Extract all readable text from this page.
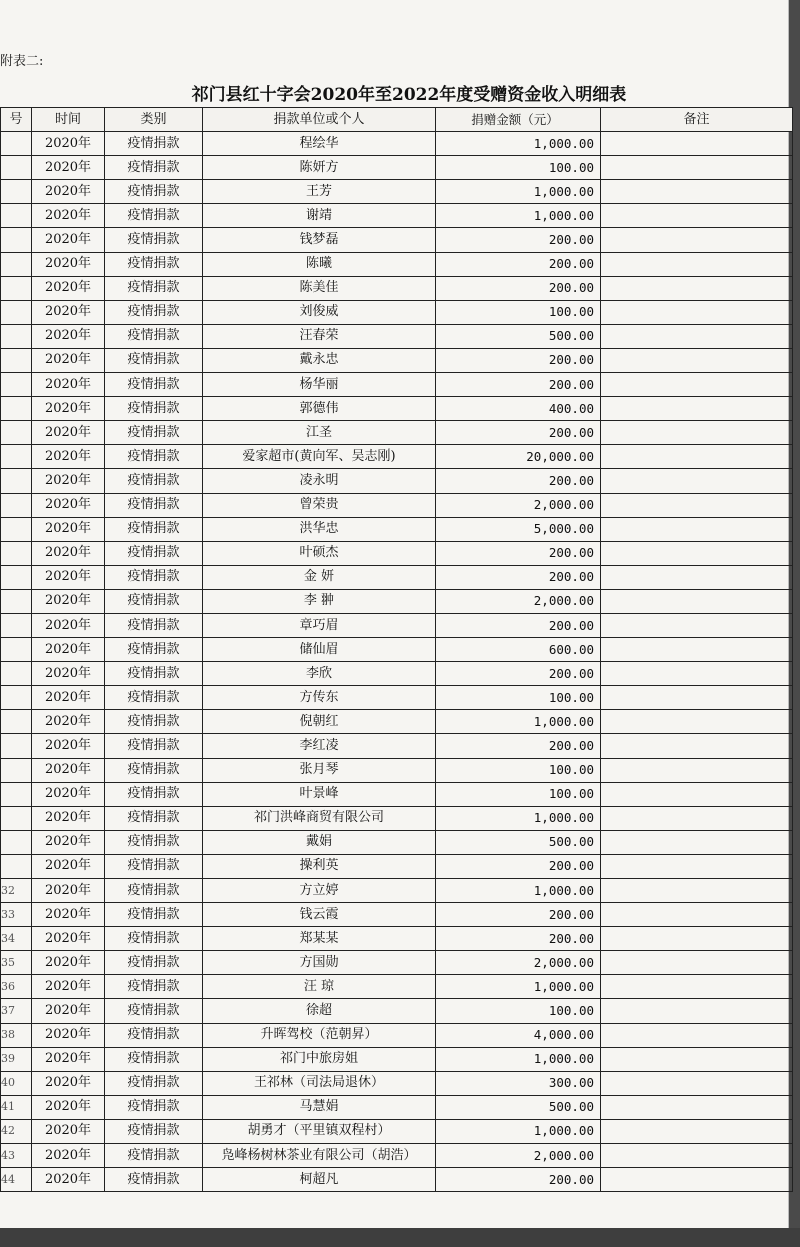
附表二:
祁门县红十字会2020年至2022年度受赠资金收入明细表
号	时间	类别	捐款单位或个人	捐赠金额（元）	备注
	2020年	疫情捐款	程绘华	1,000.00	
	2020年	疫情捐款	陈妍方	100.00	
	2020年	疫情捐款	王芳	1,000.00	
	2020年	疫情捐款	谢靖	1,000.00	
	2020年	疫情捐款	钱梦磊	200.00	
	2020年	疫情捐款	陈曦	200.00	
	2020年	疫情捐款	陈美佳	200.00	
	2020年	疫情捐款	刘俊威	100.00	
	2020年	疫情捐款	汪春荣	500.00	
	2020年	疫情捐款	戴永忠	200.00	
	2020年	疫情捐款	杨华丽	200.00	
	2020年	疫情捐款	郭德伟	400.00	
	2020年	疫情捐款	江圣	200.00	
	2020年	疫情捐款	爱家超市(黄向军、吴志刚)	20,000.00	
	2020年	疫情捐款	凌永明	200.00	
	2020年	疫情捐款	曾荣贵	2,000.00	
	2020年	疫情捐款	洪华忠	5,000.00	
	2020年	疫情捐款	叶硕杰	200.00	
	2020年	疫情捐款	金 妍	200.00	
	2020年	疫情捐款	李 翀	2,000.00	
	2020年	疫情捐款	章巧眉	200.00	
	2020年	疫情捐款	储仙眉	600.00	
	2020年	疫情捐款	李欣	200.00	
	2020年	疫情捐款	方传东	100.00	
	2020年	疫情捐款	倪朝红	1,000.00	
	2020年	疫情捐款	李红凌	200.00	
	2020年	疫情捐款	张月琴	100.00	
	2020年	疫情捐款	叶景峰	100.00	
	2020年	疫情捐款	祁门洪峰商贸有限公司	1,000.00	
	2020年	疫情捐款	戴娟	500.00	
	2020年	疫情捐款	操利英	200.00	
32	2020年	疫情捐款	方立婷	1,000.00	
33	2020年	疫情捐款	钱云霞	200.00	
34	2020年	疫情捐款	郑某某	200.00	
35	2020年	疫情捐款	方国勋	2,000.00	
36	2020年	疫情捐款	汪 琼	1,000.00	
37	2020年	疫情捐款	徐超	100.00	
38	2020年	疫情捐款	升晖驾校（范朝昇）	4,000.00	
39	2020年	疫情捐款	祁门中旅房姐	1,000.00	
40	2020年	疫情捐款	王祁林（司法局退休）	300.00	
41	2020年	疫情捐款	马慧娟	500.00	
42	2020年	疫情捐款	胡勇才（平里镇双程村）	1,000.00	
43	2020年	疫情捐款	凫峰杨树林茶业有限公司（胡浩）	2,000.00	
44	2020年	疫情捐款	柯超凡	200.00	
